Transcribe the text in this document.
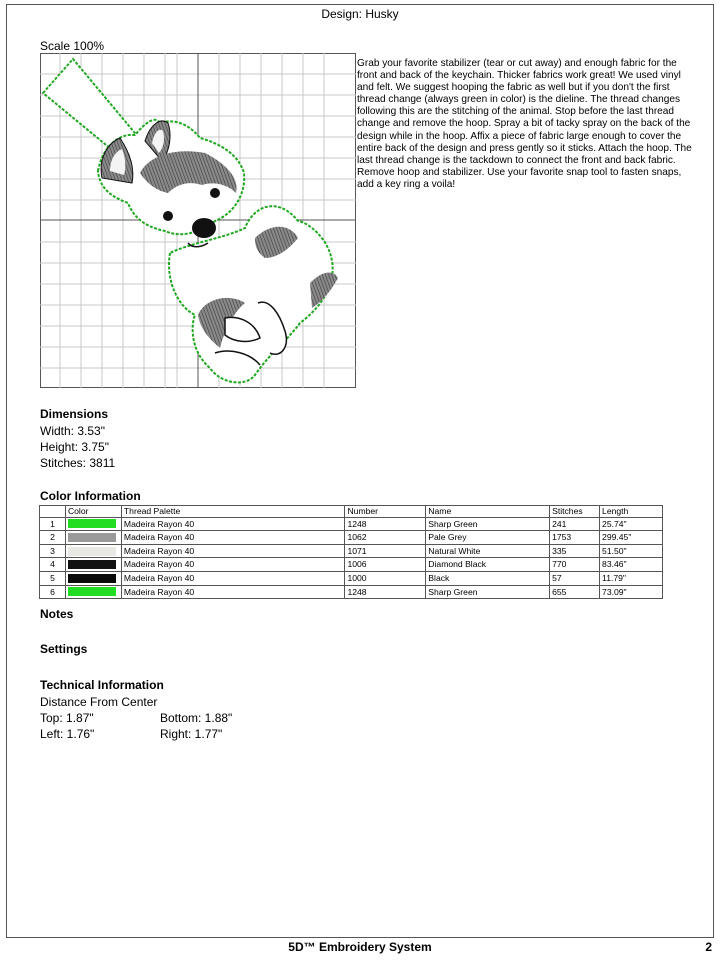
Design: Husky
Scale 100%
Grab your favorite stabilizer (tear or cut away) and enough fabric for the front and back of the keychain. Thicker fabrics work great! We used vinyl and felt. We suggest hooping the fabric as well but if you don't the first thread change (always green in color) is the dieline. The thread changes following this are the stitching of the animal. Stop before the last thread change and remove the hoop. Spray a bit of tacky spray on the back of the design while in the hoop. Affix a piece of fabric large enough to cover the entire back of the design and press gently so it sticks. Attach the hoop. The last thread change is the tackdown to connect the front and back fabric. Remove hoop and stabilizer. Use your favorite snap tool to fasten snaps, add a key ring a voila!
Dimensions
Width: 3.53"
Height: 3.75"
Stitches: 3811
Color Information
	Color	Thread Palette	Number	Name	Stitches	Length
1		Madeira Rayon 40	1248	Sharp Green	241	25.74"
2		Madeira Rayon 40	1062	Pale Grey	1753	299.45"
3		Madeira Rayon 40	1071	Natural White	335	51.50"
4		Madeira Rayon 40	1006	Diamond Black	770	83.46"
5		Madeira Rayon 40	1000	Black	57	11.79"
6		Madeira Rayon 40	1248	Sharp Green	655	73.09"
Notes
Settings
Technical Information
Distance From Center
Top: 1.87"	Bottom: 1.88"
Left: 1.76"	Right: 1.77"
5D™ Embroidery System	2
